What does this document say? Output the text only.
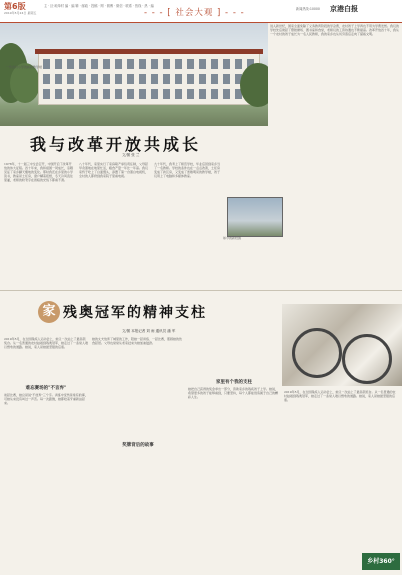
第6版
2019年5月24日 星期五
主 · 区·地单村 编 · 编 辑 · 邮政 · 投稿 · 网 · 微博 · 微信 · 联系 · 热线 · 热 · 编
- - - [ 社会大观 ] - - -	新闻热线:10000 京港白报
一所农村小学的崭新教学楼
进入新世纪，国家全面免除了义务教育阶段的学杂费，农村孩子上学再也不用为学费发愁。我们的学校先后建起了塑胶操场、图书室和食堂，老师们的工资待遇也不断提高。改革开放四十年，我从一个农村的孩子成长为一名人民教师，我的家乡也从贫穷落后走向了富裕文明。
我与改革开放共成长
文/图 张 兰
1978年，十一届三中全会召开，中国开启了改革开放的伟大征程。四十年来，我和祖国一同成长，亲眼见证了家乡翻天覆地的变化。那时我还在乡里的小学读书，教室是土坯房，窗户糊着报纸，冬天冷风直往里灌，老师的粉笔字在昏暗的光线下都看不清。
八十年代，家里实行了家庭联产承包责任制，父母起早贪黑地在地里忙活，粮食产量一年比一年高。我们家终于吃上了白面馒头，添置了第一台黑白电视机，全村的人都挤到我家院子里看电视。
九十年代，我考上了师范学校，毕业后回到家乡当了一名教师。学校的条件也在一点点改善，土坯房变成了砖瓦房，又变成了宽敞明亮的教学楼，孩子们用上了电脑和多媒体教室。
如今的新校园
家 残奥冠军的精神支柱
文/图 本报记者 刘 雨 通讯员 潘 军
2019年5月，在全国残疾人运动会上，她又一次站上了最高领奖台。从一名普通的农村姑娘到残奥冠军，她走过了一条常人难以想象的道路。她说，家人是她最坚强的后盾。
难忘赛场的"不言弃"
谈起比赛，她总是说"不放弃"三个字。训练中受伤是常有的事，可她从来没有叫过一声苦。每一次跌倒，她都咬着牙重新站起来。
奖牌背后的故事
她的丈夫放弃了城里的工作，陪她一起训练、一起比赛，照顾她的饮食起居。父母也常常从老家赶来为她加油鼓劲。
家里有个我的支柱
她把自己获得的奖金拿出一部分，资助家乡的残疾孩子上学。她说，希望更多的孩子能够看到，只要坚持，每个人都能创造属于自己的精彩人生。
2019年5月，在全国残疾人运动会上，她又一次站上了最高领奖台。从一名普通的农村姑娘到残奥冠军，她走过了一条常人难以想象的道路。她说，家人是她最坚强的后盾。
乡村360°
